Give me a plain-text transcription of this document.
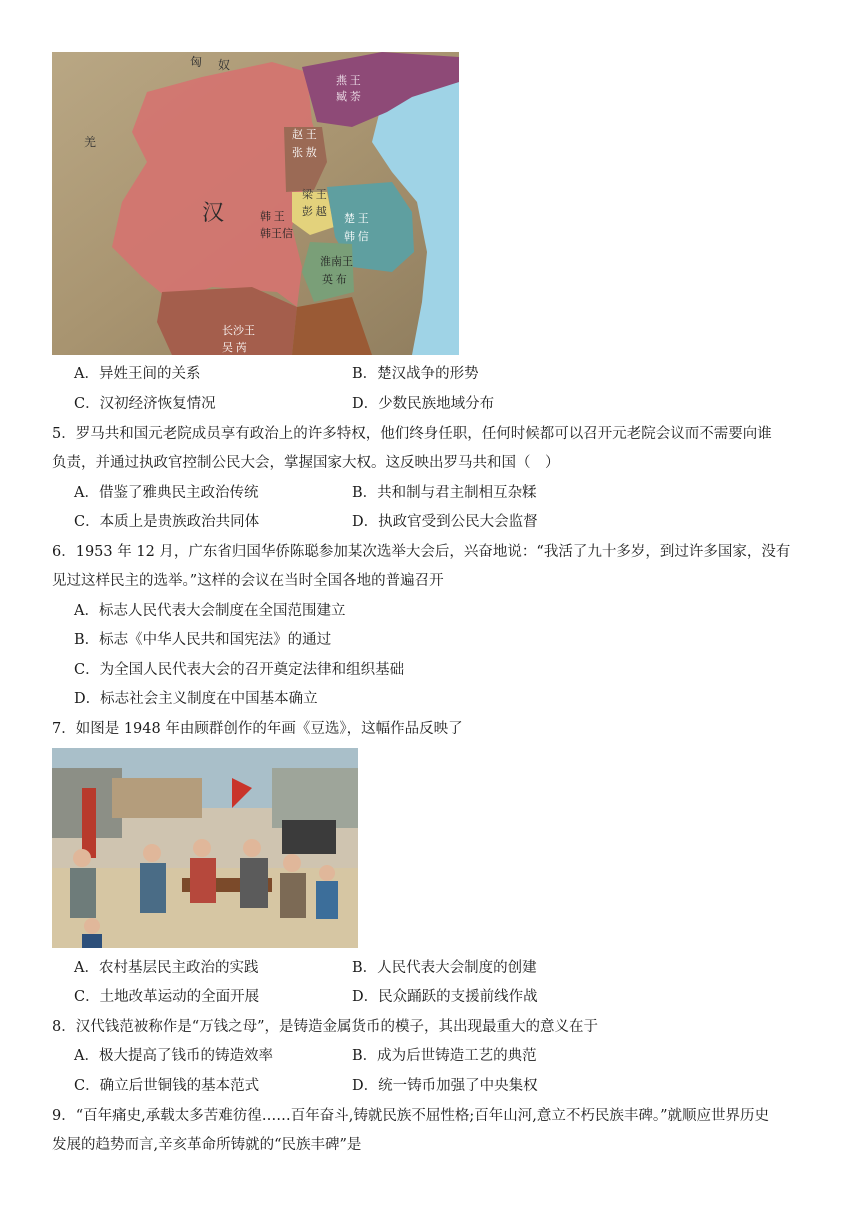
匈 奴
羌
汉
燕 王
臧 荼
赵 王
张 敖
梁 王
彭 越
韩 王
韩王信
楚 王
韩 信
淮南王
英 布
长沙王
吴 芮
A．异姓王间的关系	B．楚汉战争的形势
C．汉初经济恢复情况	D．少数民族地域分布
5．罗马共和国元老院成员享有政治上的许多特权，他们终身任职，任何时候都可以召开元老院会议而不需要向谁
负责，并通过执政官控制公民大会，掌握国家大权。这反映出罗马共和国（　）
A．借鉴了雅典民主政治传统	B．共和制与君主制相互杂糅
C．本质上是贵族政治共同体	D．执政官受到公民大会监督
6．1953 年 12 月，广东省归国华侨陈聪参加某次选举大会后，兴奋地说：“我活了九十多岁，到过许多国家，没有
见过这样民主的选举。”这样的会议在当时全国各地的普遍召开
A．标志人民代表大会制度在全国范围建立
B．标志《中华人民共和国宪法》的通过
C．为全国人民代表大会的召开奠定法律和组织基础
D．标志社会主义制度在中国基本确立
7．如图是 1948 年由顾群创作的年画《豆选》，这幅作品反映了
A．农村基层民主政治的实践	B．人民代表大会制度的创建
C．土地改革运动的全面开展	D．民众踊跃的支援前线作战
8．汉代钱范被称作是“万钱之母”，是铸造金属货币的模子，其出现最重大的意义在于
A．极大提高了钱币的铸造效率	B．成为后世铸造工艺的典范
C．确立后世铜钱的基本范式	D．统一铸币加强了中央集权
9．“百年痛史,承载太多苦难彷徨……百年奋斗,铸就民族不屈性格;百年山河,意立不朽民族丰碑。”就顺应世界历史
发展的趋势而言,辛亥革命所铸就的“民族丰碑”是
